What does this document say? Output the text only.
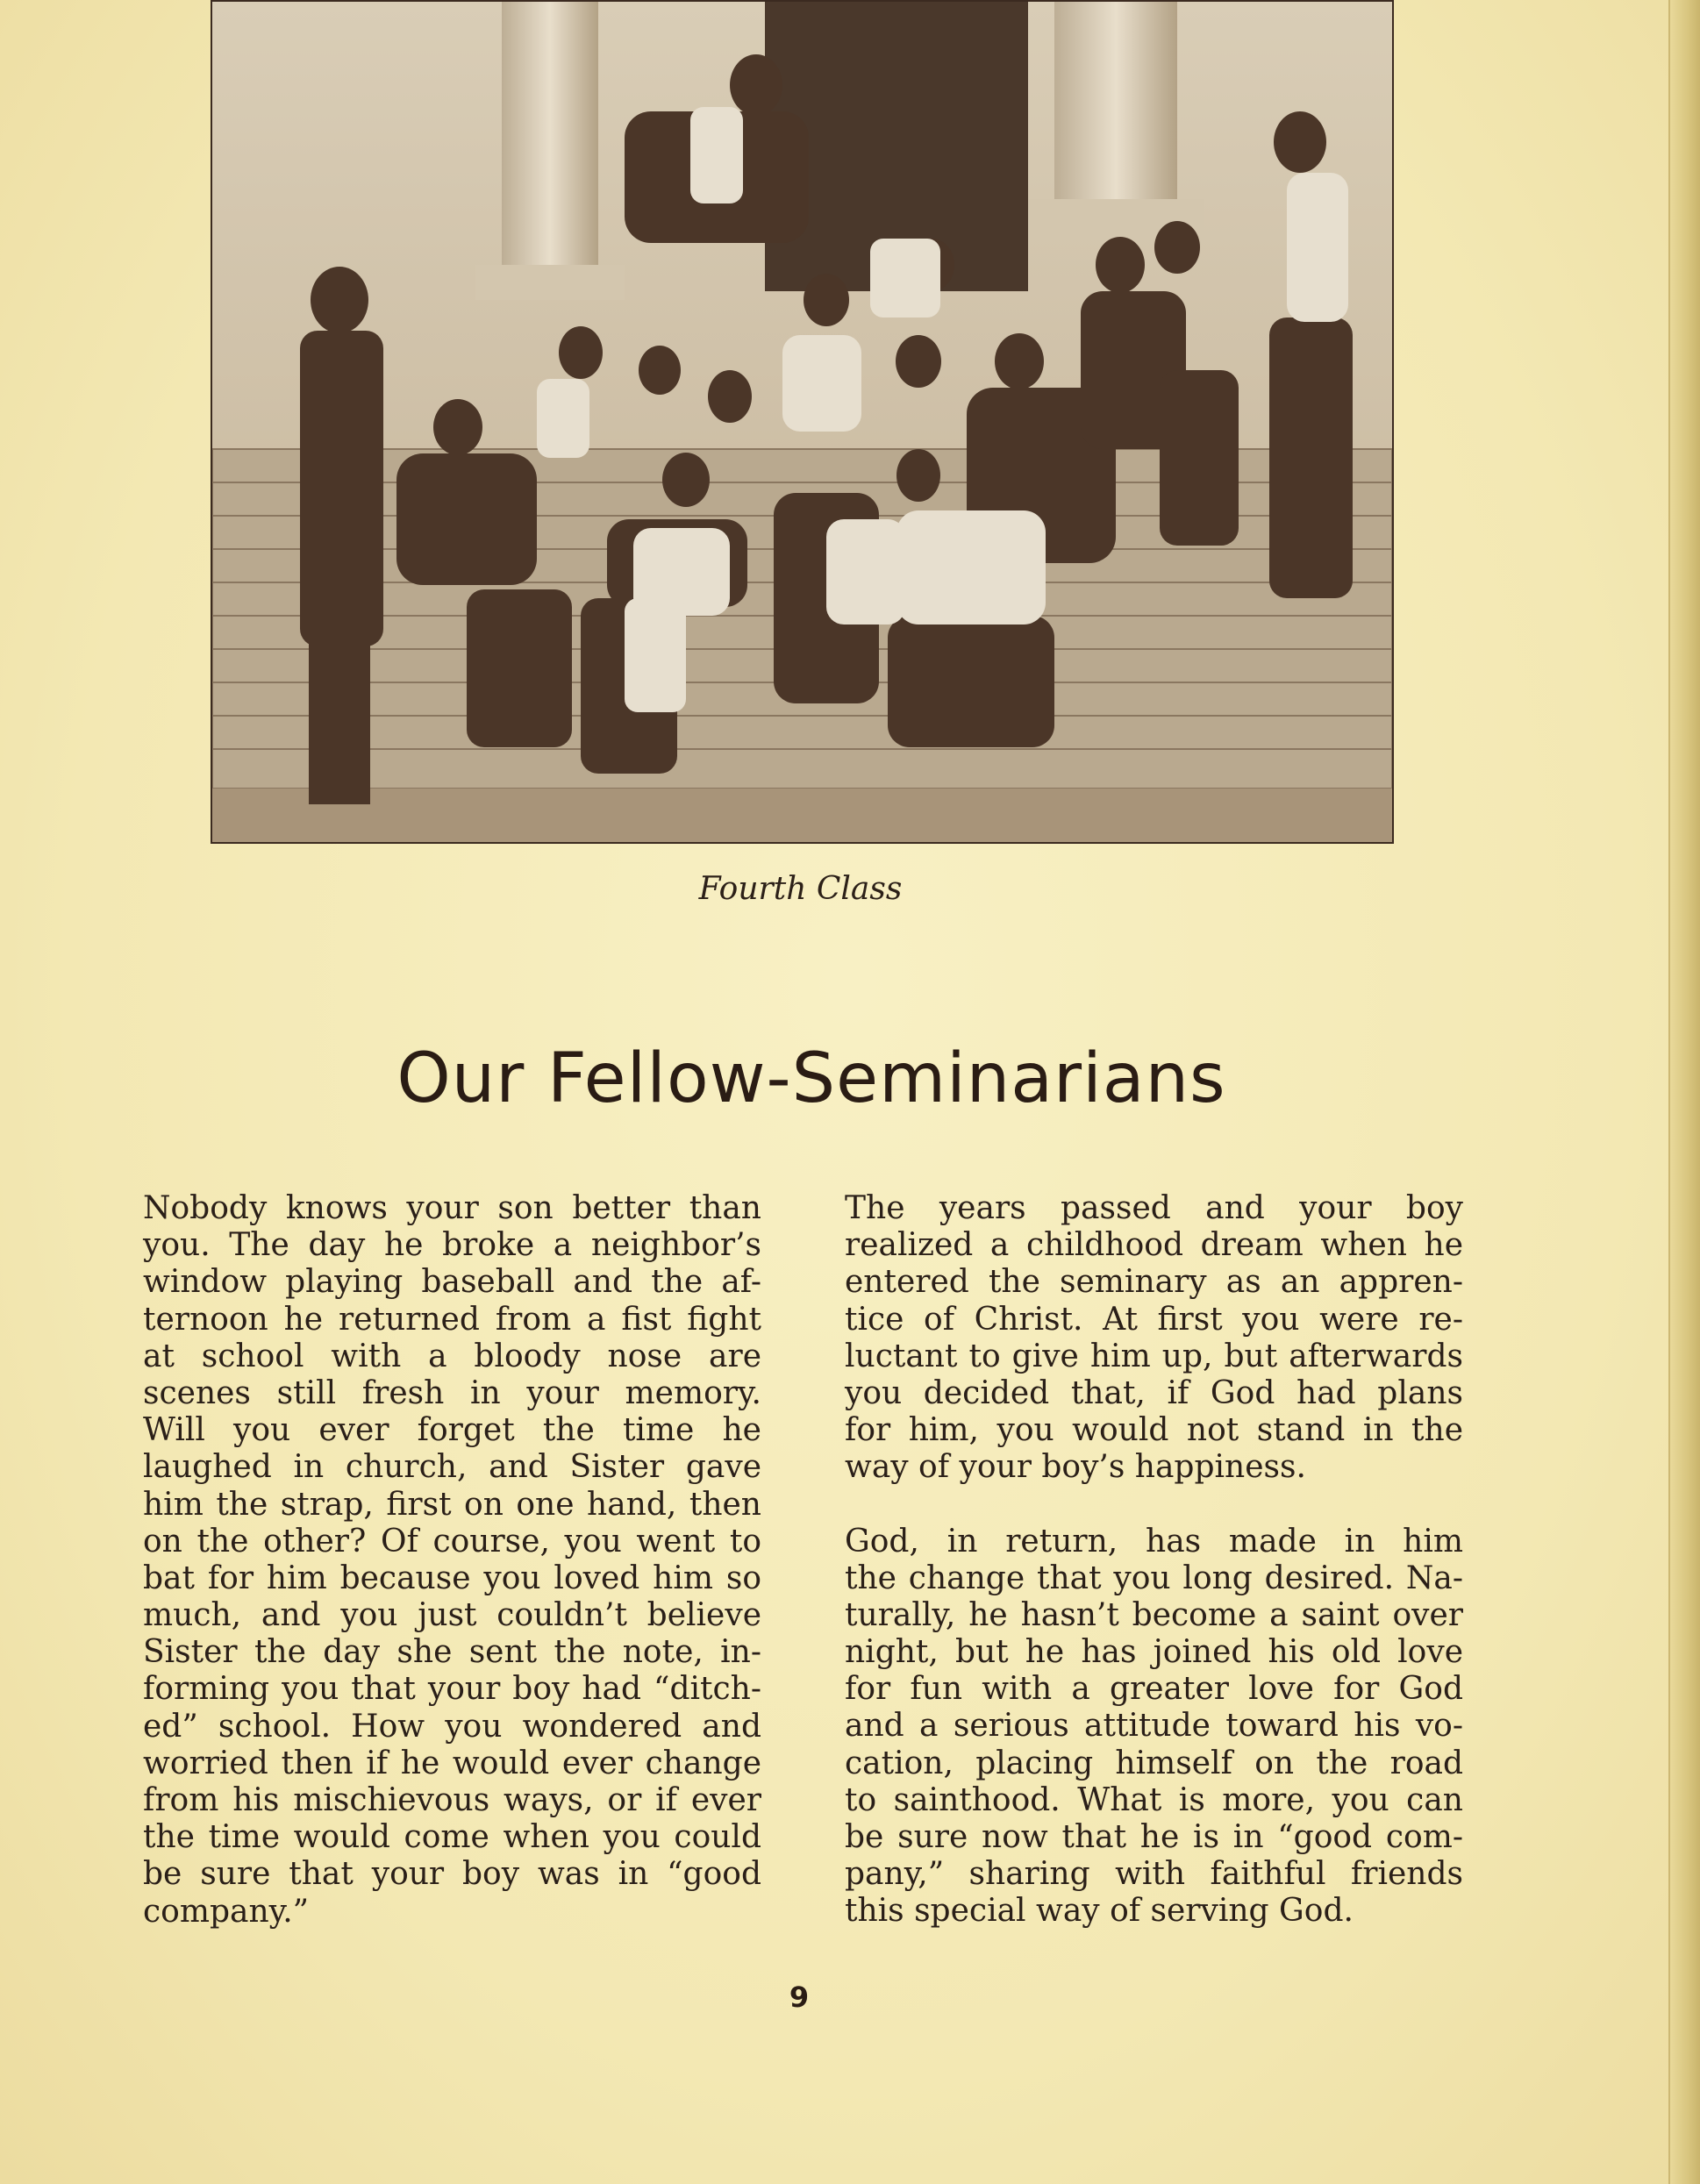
Fourth Class
Our Fellow-Seminarians
Nobody knows your son better than
you. The day he broke a neighbor’s
window playing baseball and the af-
ternoon he returned from a fist fight
at school with a bloody nose are
scenes still fresh in your memory.
Will you ever forget the time he
laughed in church, and Sister gave
him the strap, first on one hand, then
on the other? Of course, you went to
bat for him because you loved him so
much, and you just couldn’t believe
Sister the day she sent the note, in-
forming you that your boy had “ditch-
ed” school. How you wondered and
worried then if he would ever change
from his mischievous ways, or if ever
the time would come when you could
be sure that your boy was in “good
company.”
The years passed and your boy
realized a childhood dream when he
entered the seminary as an appren-
tice of Christ. At first you were re-
luctant to give him up, but afterwards
you decided that, if God had plans
for him, you would not stand in the
way of your boy’s happiness.
God, in return, has made in him
the change that you long desired. Na-
turally, he hasn’t become a saint over
night, but he has joined his old love
for fun with a greater love for God
and a serious attitude toward his vo-
cation, placing himself on the road
to sainthood. What is more, you can
be sure now that he is in “good com-
pany,” sharing with faithful friends
this special way of serving God.
9
